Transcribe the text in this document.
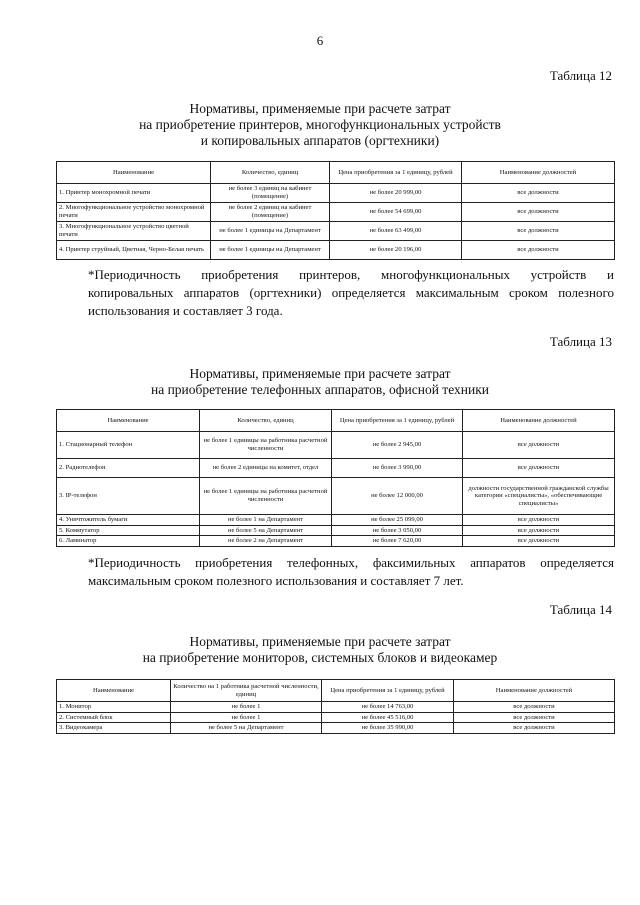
6
Таблица 12
Нормативы, применяемые при расчете затрат
на приобретение принтеров, многофункциональных устройств
и копировальных аппаратов (оргтехники)
Наименование	Количество, единиц	Цена приобретения за 1 единицу, рублей	Наименование должностей
1. Принтер монохромной печати	не более 3 единиц на кабинет (помещение)	не более 20 999,00	все должности
2. Многофункциональное устройство монохромной печати	не более 2 единиц на кабинет (помещение)	не более 54 699,00	все должности
3. Многофункциональное устройство цветной печати	не более 1 единицы на Департамент	не более 63 499,00	все должности
4. Принтер струйный, Цветная, Черно-Белая печать	не более 1 единицы на Департамент	не более 20 196,00	все должности

*Периодичность приобретения принтеров, многофункциональных устройств и копировальных аппаратов (оргтехники) определяется максимальным сроком полезного использования и составляет 3 года.

Таблица 13
Нормативы, применяемые при расчете затрат
на приобретение телефонных аппаратов, офисной техники
Наименование	Количество, единиц	Цена приобретения за 1 единицу, рублей	Наименование должностей
1. Стационарный телефон	не более 1 единицы на работника расчетной численности	не более 2 945,00	все должности
2. Радиотелефон	не более 2 единицы на комитет, отдел	не более 3 990,00	все должности
3. IP-телефон	не более 1 единицы на работника расчетной численности	не более 12 000,00	должности государственной гражданской службы категории «специалисты», «обеспечивающие специалисты»
4. Уничтожитель бумаги	не более 1 на Департамент	не более 25 099,00	все должности
5. Коммутатор	не более 5 на Департамент	не более 3 050,00	все должности
6. Ламинатор	не более 2 на Департамент	не более 7 620,00	все должности

*Периодичность приобретения телефонных, факсимильных аппаратов определяется максимальным сроком полезного использования и составляет 7 лет.

Таблица 14
Нормативы, применяемые при расчете затрат
на приобретение мониторов, системных блоков и видеокамер
Наименование	Количество на 1 работника расчетной численности, единиц	Цена приобретения за 1 единицу, рублей	Наименование должностей
1. Монитор	не более 1	не более 14 763,00	все должности
2. Системный блок	не более 1	не более 45 516,00	все должности
3. Видеокамера	не более 5 на Департамент	не более 35 990,00	все должности
